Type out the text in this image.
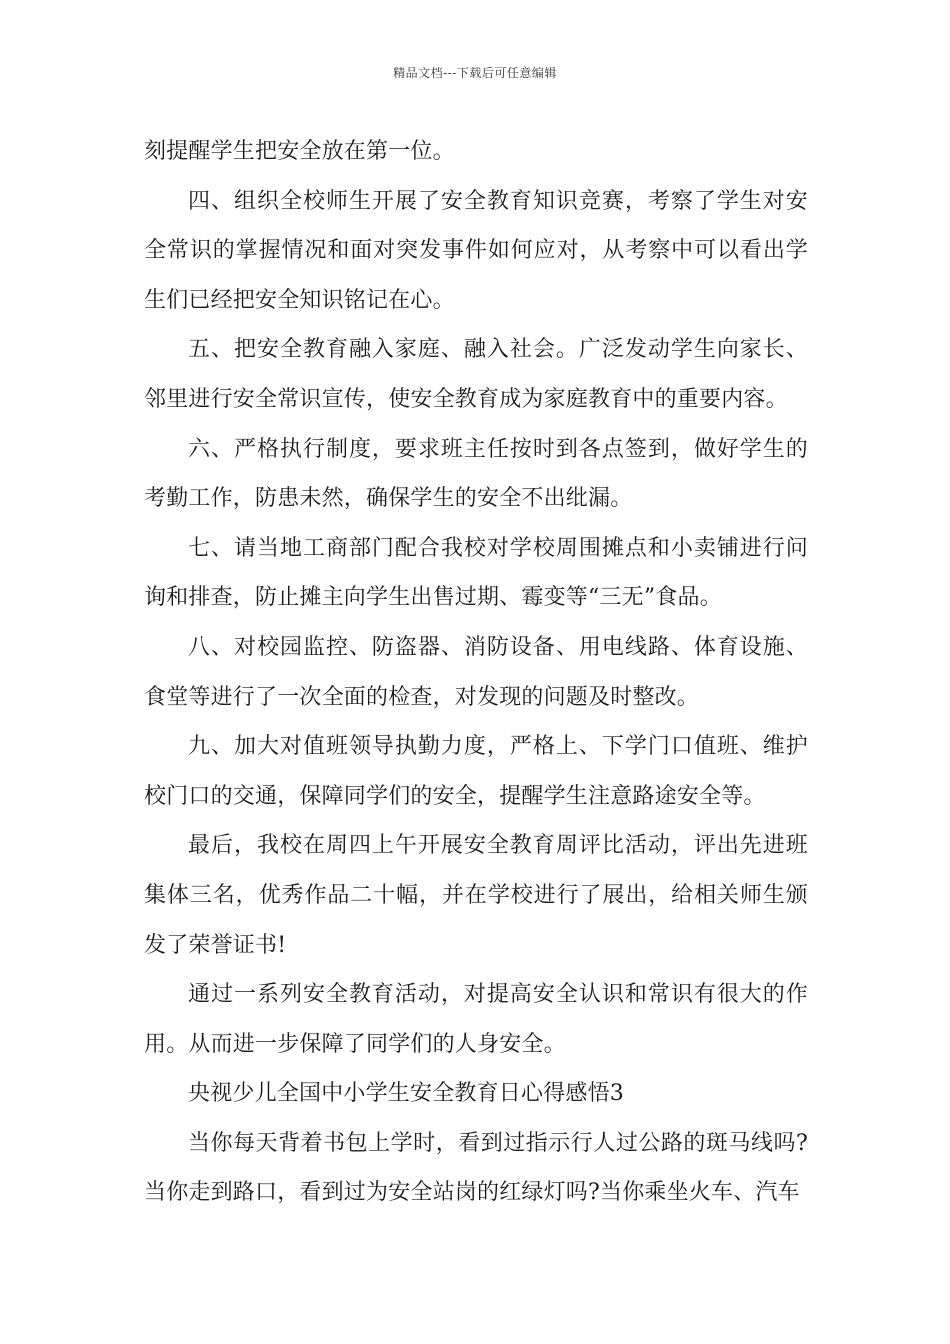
精品文档---下载后可任意编辑

刻提醒学生把安全放在第一位。

四、组织全校师生开展了安全教育知识竞赛，考察了学生对安全常识的掌握情况和面对突发事件如何应对，从考察中可以看出学生们已经把安全知识铭记在心。

五、把安全教育融入家庭、融入社会。广泛发动学生向家长、邻里进行安全常识宣传，使安全教育成为家庭教育中的重要内容。

六、严格执行制度，要求班主任按时到各点签到，做好学生的考勤工作，防患未然，确保学生的安全不出纰漏。

七、请当地工商部门配合我校对学校周围摊点和小卖铺进行问询和排查，防止摊主向学生出售过期、霉变等“三无”食品。

八、对校园监控、防盗器、消防设备、用电线路、体育设施、食堂等进行了一次全面的检查，对发现的问题及时整改。

九、加大对值班领导执勤力度，严格上、下学门口值班、维护校门口的交通，保障同学们的安全，提醒学生注意路途安全等。

最后，我校在周四上午开展安全教育周评比活动，评出先进班集体三名，优秀作品二十幅，并在学校进行了展出，给相关师生颁发了荣誉证书!

通过一系列安全教育活动，对提高安全认识和常识有很大的作用。从而进一步保障了同学们的人身安全。

央视少儿全国中小学生安全教育日心得感悟3

当你每天背着书包上学时，看到过指示行人过公路的斑马线吗?当你走到路口，看到过为安全站岗的红绿灯吗?当你乘坐火车、汽车
